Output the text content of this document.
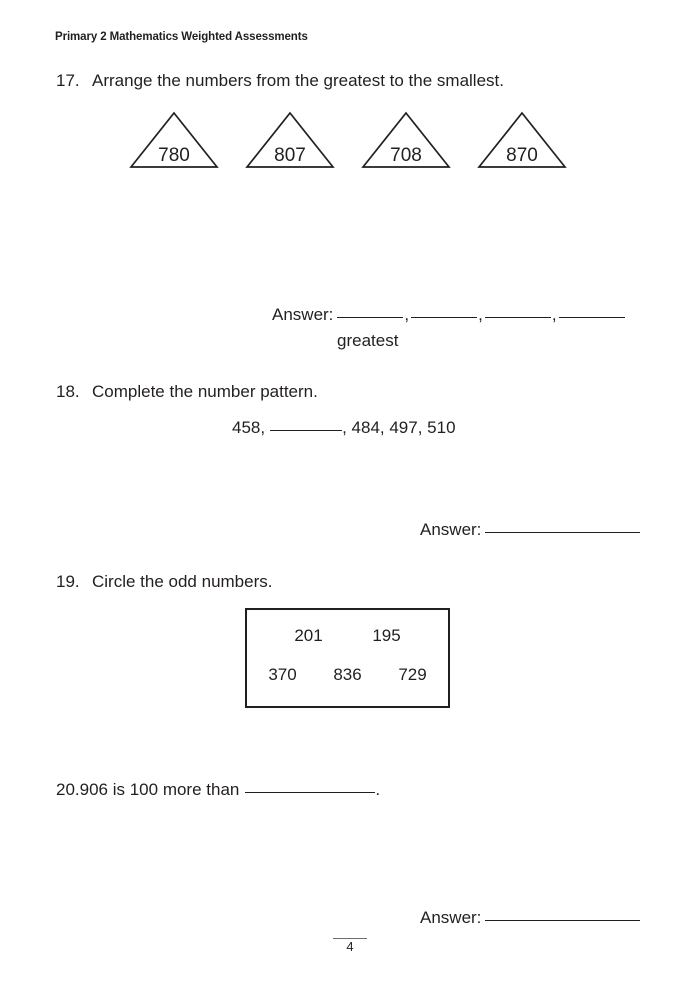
Primary 2 Mathematics Weighted Assessments
17. Arrange the numbers from the greatest to the smallest.
780	807	708	870
Answer:	,	,	,
greatest
18. Complete the number pattern.
458,	, 484, 497, 510
Answer:
19. Circle the odd numbers.
201	195
370	836	729
20. 906 is 100 more than	.
Answer:
4
